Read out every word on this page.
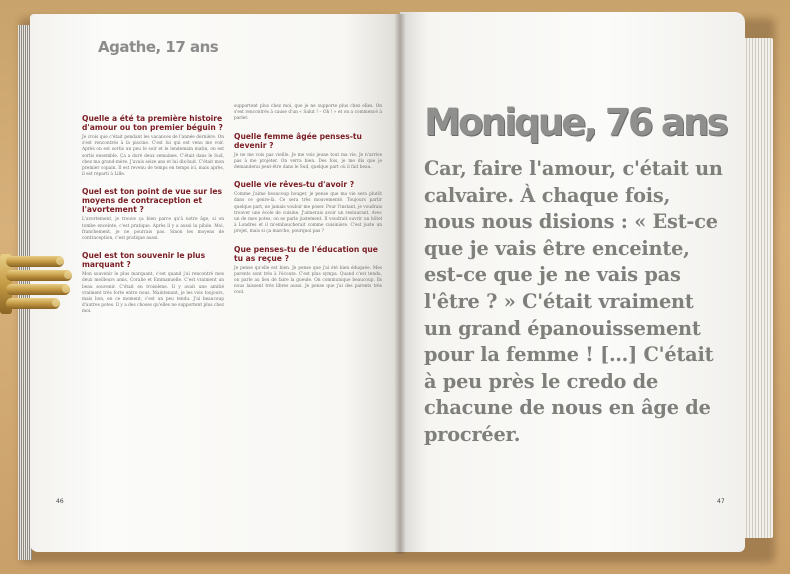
Agathe, 17 ans
Quelle a été ta première histoire d'amour ou ton premier béguin ?
Je crois que c'était pendant les vacances de l'année dernière. On s'est rencontrés à la piscine. C'est lui qui est venu me voir. Après on est sortis un peu le soir et le lendemain matin, on est sortis ensemble. Ça a duré deux semaines. C'était dans le Sud, chez ma grand-mère. J'avais seize ans et lui dix-huit. C'était mon premier copain. Il est revenu de temps en temps ici, mais après, il est reparti à Lille.
Quel est ton point de vue sur les moyens de contraception et l'avortement ?
L'avortement, je trouve ça bien parce qu'à notre âge, si on tombe enceinte, c'est pratique. Après il y a aussi la pilule. Moi, franchement, je ne pourrais pas. Sinon les moyens de contraception, c'est pratique aussi.
Quel est ton souvenir le plus marquant ?
Mon souvenir le plus marquant, c'est quand j'ai rencontré mes deux meilleurs amis, Coralie et Emmanuelle. C'est vraiment un beau souvenir. C'était en troisième. Il y avait une amitié vraiment très forte entre nous. Maintenant, je les vois toujours, mais bon, en ce moment, c'est un peu tendu. J'ai beaucoup d'autres potes. Il y a des choses qu'elles ne supportent plus chez moi.
supportent plus chez moi, que je ne supporte plus chez elles. On s'est rencontrés à cause d'un « Salut ! – Oh ! » et on a commencé à parler.
Quelle femme âgée penses-tu devenir ?
Je ne me vois pas vieille. Je me vois jeune tout ma vie. Je n'arrive pas à me projeter. On verra bien. Des fois, je me dis que je demanderai peut-être dans le Sud, quelque part où il fait beau.
Quelle vie rêves-tu d'avoir ?
Comme j'aime beaucoup bouger, je pense que ma vie sera plutôt dans ce genre-là. Ce sera très mouvementé. Toujours partir quelque part, ne jamais vouloir me poser. Pour l'instant, je voudrais trouver une école de cuisine. J'aimerais avoir un restaurant. Avec un de mes potes, on se parle justement. Il voudrait ouvrir un hôtel à Londres et il m'embaucherait comme cuisinière. C'est juste un projet, mais si ça marche, pourquoi pas ?
Que penses-tu de l'éducation que tu as reçue ?
Je pense qu'elle est bien. Je pense que j'ai été bien éduquée. Mes parents sont très à l'écoute. C'est plus sympa. Quand c'est tendu, on parle au lieu de faire la gueule. On communique beaucoup. Ils nous laissent très libres aussi. Je pense que j'ai des parents très cool.
46
Monique, 76 ans
Car, faire l'amour, c'était un calvaire. À chaque fois, nous nous disions : « Est-ce que je vais être enceinte, est-ce que je ne vais pas l'être ? » C'était vraiment un grand épanouissement pour la femme ! […] C'était à peu près le credo de chacune de nous en âge de procréer.
47
